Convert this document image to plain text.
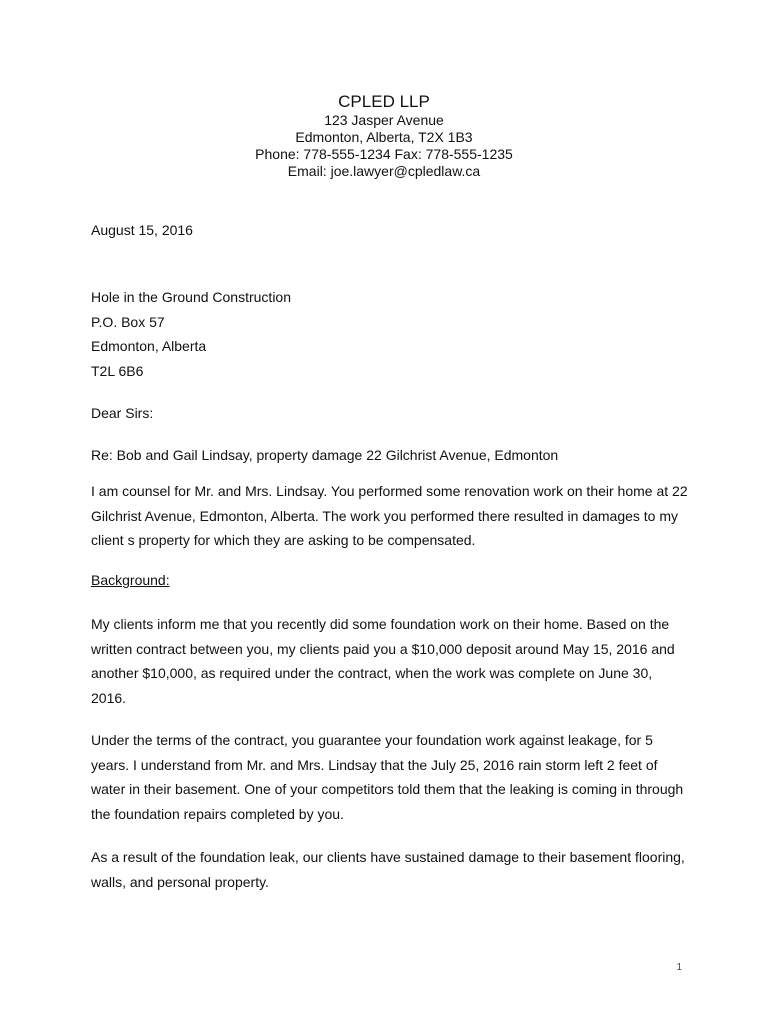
CPLED LLP

123 Jasper Avenue

Edmonton, Alberta, T2X 1B3

Phone: 778-555-1234 Fax: 778-555-1235

Email: joe.lawyer@cpledlaw.ca

August 15, 2016

Hole in the Ground Construction
P.O. Box 57
Edmonton, Alberta
T2L 6B6

Dear Sirs:

Re: Bob and Gail Lindsay, property damage 22 Gilchrist Avenue, Edmonton

I am counsel for Mr. and Mrs. Lindsay. You performed some renovation work on their home at 22 Gilchrist Avenue, Edmonton, Alberta. The work you performed there resulted in damages to my client s property for which they are asking to be compensated.

Background:

My clients inform me that you recently did some foundation work on their home. Based on the written contract between you, my clients paid you a $10,000 deposit around May 15, 2016 and another $10,000, as required under the contract, when the work was complete on June 30, 2016.

Under the terms of the contract, you guarantee your foundation work against leakage, for 5 years. I understand from Mr. and Mrs. Lindsay that the July 25, 2016 rain storm left 2 feet of water in their basement. One of your competitors told them that the leaking is coming in through the foundation repairs completed by you.

As a result of the foundation leak, our clients have sustained damage to their basement flooring, walls, and personal property.

1
